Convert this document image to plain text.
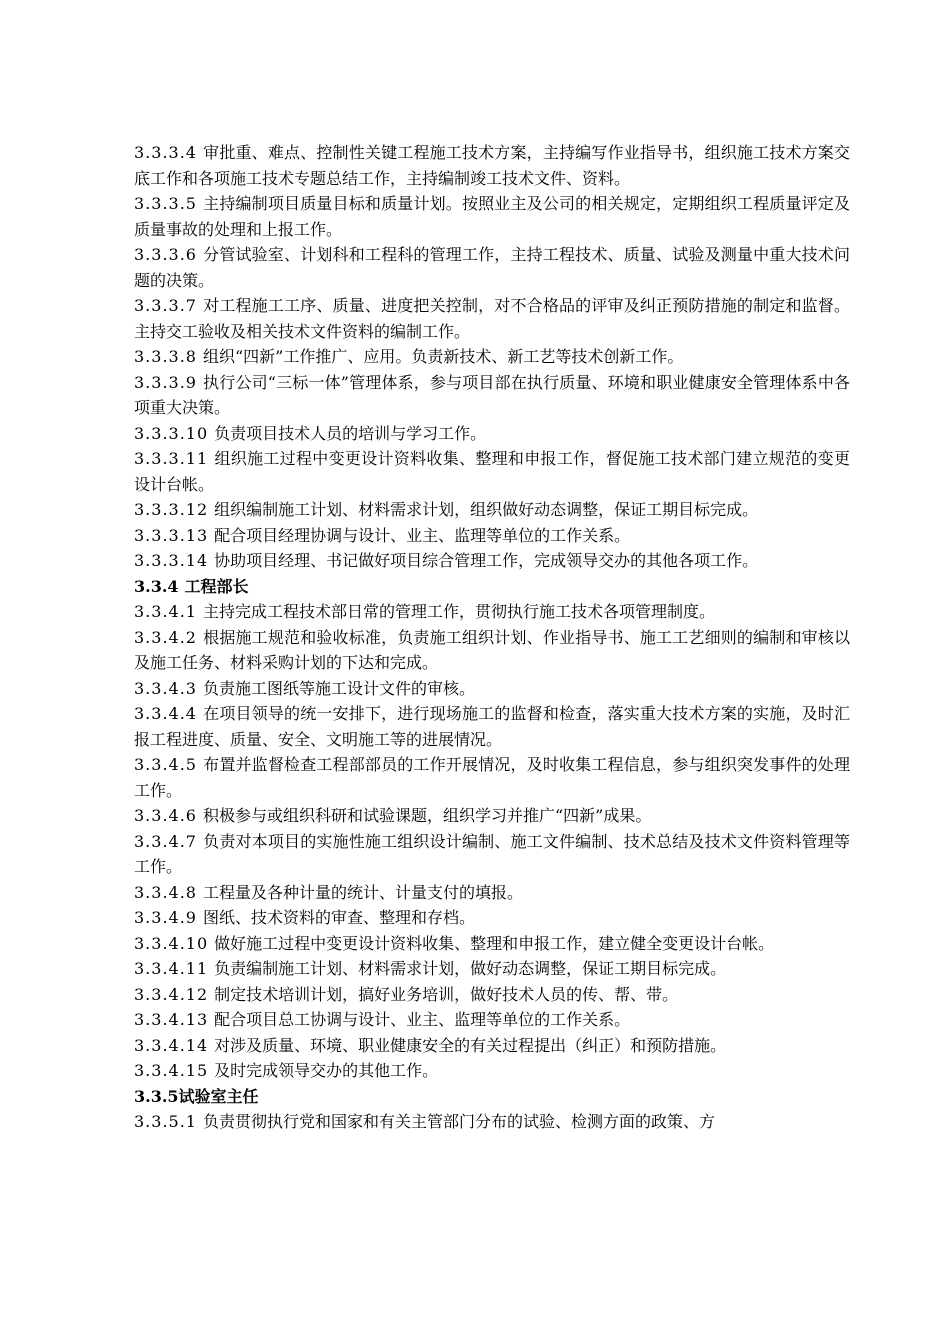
3.3.3.4 审批重、难点、控制性关键工程施工技术方案，主持编写作业指导书，组织施工技术方案交底工作和各项施工技术专题总结工作，主持编制竣工技术文件、资料。

3.3.3.5 主持编制项目质量目标和质量计划。按照业主及公司的相关规定，定期组织工程质量评定及质量事故的处理和上报工作。

3.3.3.6 分管试验室、计划科和工程科的管理工作，主持工程技术、质量、试验及测量中重大技术问题的决策。

3.3.3.7 对工程施工工序、质量、进度把关控制，对不合格品的评审及纠正预防措施的制定和监督。主持交工验收及相关技术文件资料的编制工作。

3.3.3.8 组织“四新”工作推广、应用。负责新技术、新工艺等技术创新工作。

3.3.3.9 执行公司“三标一体”管理体系，参与项目部在执行质量、环境和职业健康安全管理体系中各项重大决策。

3.3.3.10 负责项目技术人员的培训与学习工作。

3.3.3.11 组织施工过程中变更设计资料收集、整理和申报工作，督促施工技术部门建立规范的变更设计台帐。

3.3.3.12 组织编制施工计划、材料需求计划，组织做好动态调整，保证工期目标完成。

3.3.3.13 配合项目经理协调与设计、业主、监理等单位的工作关系。

3.3.3.14 协助项目经理、书记做好项目综合管理工作，完成领导交办的其他各项工作。

3.3.4 工程部长

3.3.4.1 主持完成工程技术部日常的管理工作，贯彻执行施工技术各项管理制度。

3.3.4.2 根据施工规范和验收标准，负责施工组织计划、作业指导书、施工工艺细则的编制和审核以及施工任务、材料采购计划的下达和完成。

3.3.4.3 负责施工图纸等施工设计文件的审核。

3.3.4.4 在项目领导的统一安排下，进行现场施工的监督和检查，落实重大技术方案的实施，及时汇报工程进度、质量、安全、文明施工等的进展情况。

3.3.4.5 布置并监督检查工程部部员的工作开展情况，及时收集工程信息，参与组织突发事件的处理工作。

3.3.4.6 积极参与或组织科研和试验课题，组织学习并推广“四新”成果。

3.3.4.7 负责对本项目的实施性施工组织设计编制、施工文件编制、技术总结及技术文件资料管理等工作。

3.3.4.8 工程量及各种计量的统计、计量支付的填报。

3.3.4.9 图纸、技术资料的审查、整理和存档。

3.3.4.10 做好施工过程中变更设计资料收集、整理和申报工作，建立健全变更设计台帐。

3.3.4.11 负责编制施工计划、材料需求计划，做好动态调整，保证工期目标完成。

3.3.4.12 制定技术培训计划，搞好业务培训，做好技术人员的传、帮、带。

3.3.4.13 配合项目总工协调与设计、业主、监理等单位的工作关系。

3.3.4.14 对涉及质量、环境、职业健康安全的有关过程提出（纠正）和预防措施。

3.3.4.15 及时完成领导交办的其他工作。

3.3.5试验室主任

3.3.5.1 负责贯彻执行党和国家和有关主管部门分布的试验、检测方面的政策、方
